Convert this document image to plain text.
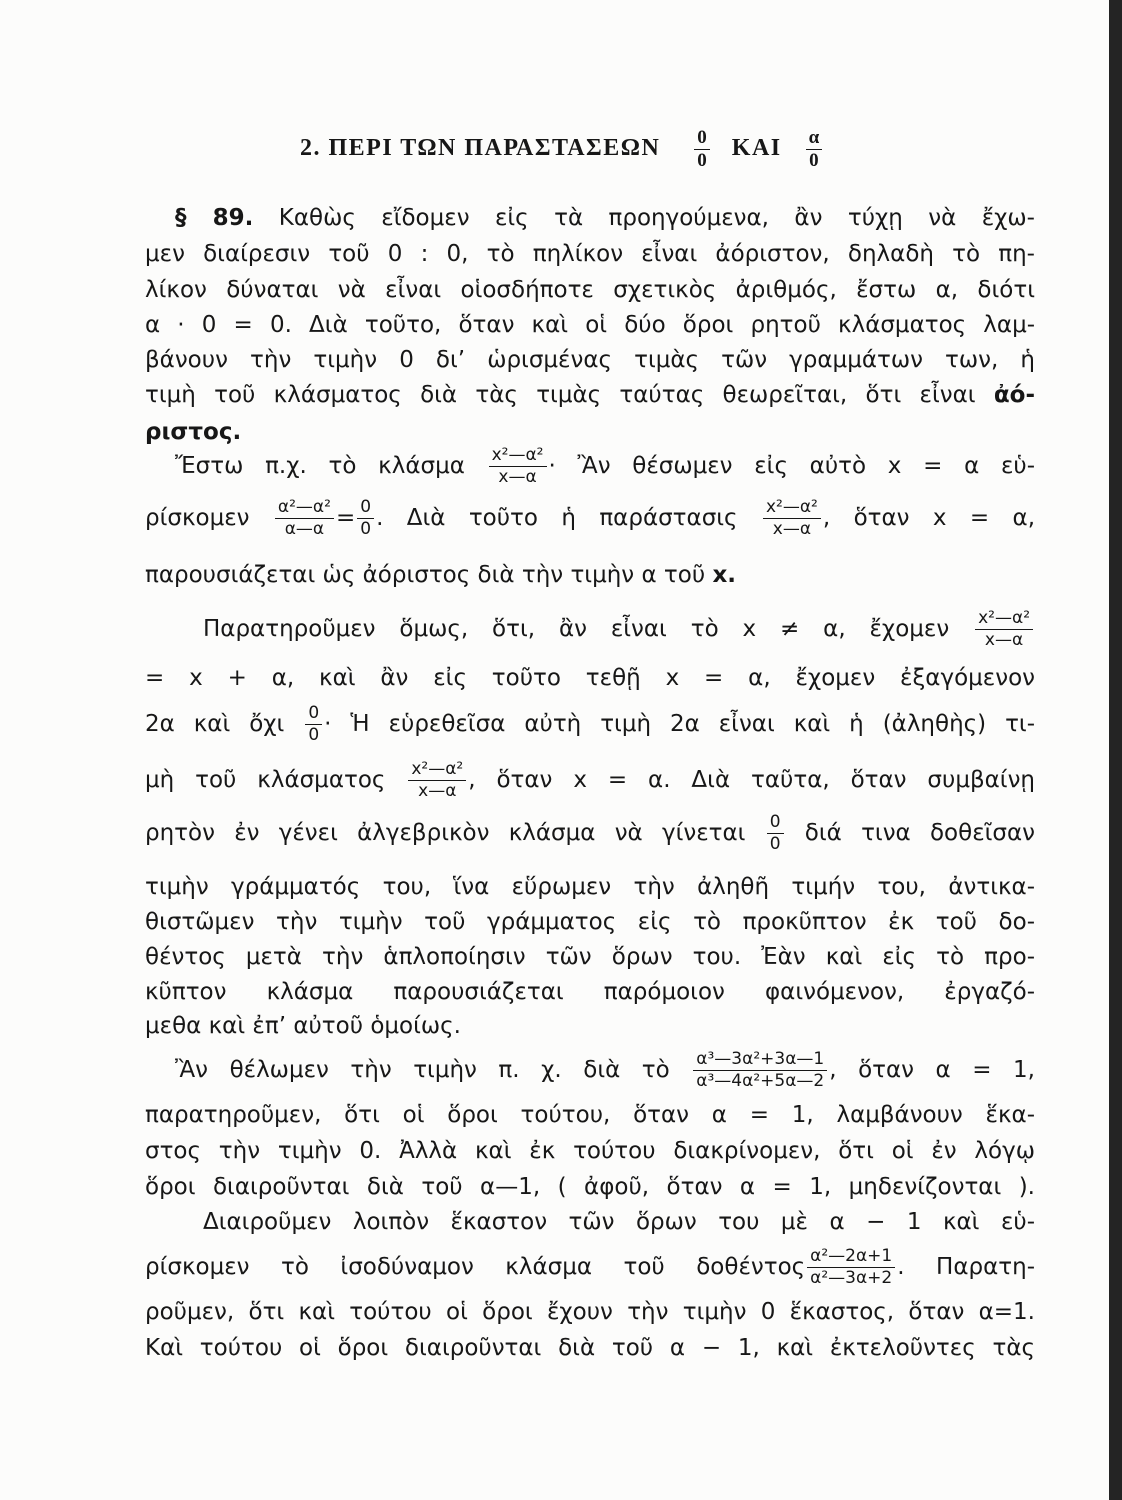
2. ΠΕΡΙ ΤΩΝ ΠΑΡΑΣΤΑΣΕΩΝ $\frac{0}{0}$ ΚΑΙ $\frac{\alpha}{0}$
§ 89. Καθὼς εἴδομεν εἰς τὰ προηγούμενα, ἂν τύχῃ νὰ ἔχω-
μεν διαίρεσιν τοῦ 0 : 0, τὸ πηλίκον εἶναι ἀόριστον, δηλαδὴ τὸ πη-
λίκον δύναται νὰ εἶναι οἱοσδήποτε σχετικὸς ἀριθμός, ἔστω α, διότι
α · 0 = 0. Διὰ τοῦτο, ὅταν καὶ οἱ δύο ὅροι ρητοῦ κλάσματος λαμ-
βάνουν τὴν τιμὴν 0 δι’ ὡρισμένας τιμὰς τῶν γραμμάτων των, ἡ
τιμὴ τοῦ κλάσματος διὰ τὰς τιμὰς ταύτας θεωρεῖται, ὅτι εἶναι ἀό-
ριστος.
Ἔστω π.χ. τὸ κλάσμα $\frac{\text{x²—α²}}{x—\alpha}$ · Ἂν θέσωμεν εἰς αὐτὸ x = α εὑ-
ρίσκομεν $\frac{\text{α²—α²}}{\alpha—\alpha} = \frac{0}{0}$ . Διὰ τοῦτο ἡ παράστασις $\frac{\text{x²—α²}}{x—\alpha}$ , ὅταν x = α,
παρουσιάζεται ὡς ἀόριστος διὰ τὴν τιμὴν α τοῦ x.
Παρατηροῦμεν ὅμως, ὅτι, ἂν εἶναι τὸ x ≠ α, ἔχομεν $\frac{\text{x²—α²}}{x—\alpha}$
= x + α, καὶ ἂν εἰς τοῦτο τεθῇ x = α, ἔχομεν ἐξαγόμενον
2α καὶ ὄχι $\frac{0}{0}$ · Ἡ εὑρεθεῖσα αὐτὴ τιμὴ 2α εἶναι καὶ ἡ (ἀληθὴς) τι-
μὴ τοῦ κλάσματος $\frac{\text{x²—α²}}{x—\alpha}$ , ὅταν x = α. Διὰ ταῦτα, ὅταν συμβαίνῃ
ρητὸν ἐν γένει ἀλγεβρικὸν κλάσμα νὰ γίνεται $\frac{0}{0}$ διά τινα δοθεῖσαν
τιμὴν γράμματός του, ἵνα εὕρωμεν τὴν ἀληθῆ τιμήν του, ἀντικα-
θιστῶμεν τὴν τιμὴν τοῦ γράμματος εἰς τὸ προκῦπτον ἐκ τοῦ δο-
θέντος μετὰ τὴν ἁπλοποίησιν τῶν ὅρων του. Ἐὰν καὶ εἰς τὸ προ-
κῦπτον κλάσμα παρουσιάζεται παρόμοιον φαινόμενον, ἐργαζό-
μεθα καὶ ἐπ’ αὐτοῦ ὁμοίως.
Ἂν θέλωμεν τὴν τιμὴν π. χ. διὰ τὸ $\frac{\text{α³—3α²+3α—1}}{\text{α³—4α²+5α—2}}$ , ὅταν α = 1,
παρατηροῦμεν, ὅτι οἱ ὅροι τούτου, ὅταν α = 1, λαμβάνουν ἕκα-
στος τὴν τιμὴν 0. Ἀλλὰ καὶ ἐκ τούτου διακρίνομεν, ὅτι οἱ ἐν λόγῳ
ὅροι διαιροῦνται διὰ τοῦ α—1, ( ἀφοῦ, ὅταν α = 1, μηδενίζονται ).
Διαιροῦμεν λοιπὸν ἕκαστον τῶν ὅρων του μὲ α − 1 καὶ εὑ-
ρίσκομεν τὸ ἰσοδύναμον κλάσμα τοῦ δοθέντος $\frac{\text{α²—2α+1}}{\text{α²—3α+2}}$ . Παρατη-
ροῦμεν, ὅτι καὶ τούτου οἱ ὅροι ἔχουν τὴν τιμὴν 0 ἕκαστος, ὅταν α=1.
Καὶ τούτου οἱ ὅροι διαιροῦνται διὰ τοῦ α − 1, καὶ ἐκτελοῦντες τὰς
